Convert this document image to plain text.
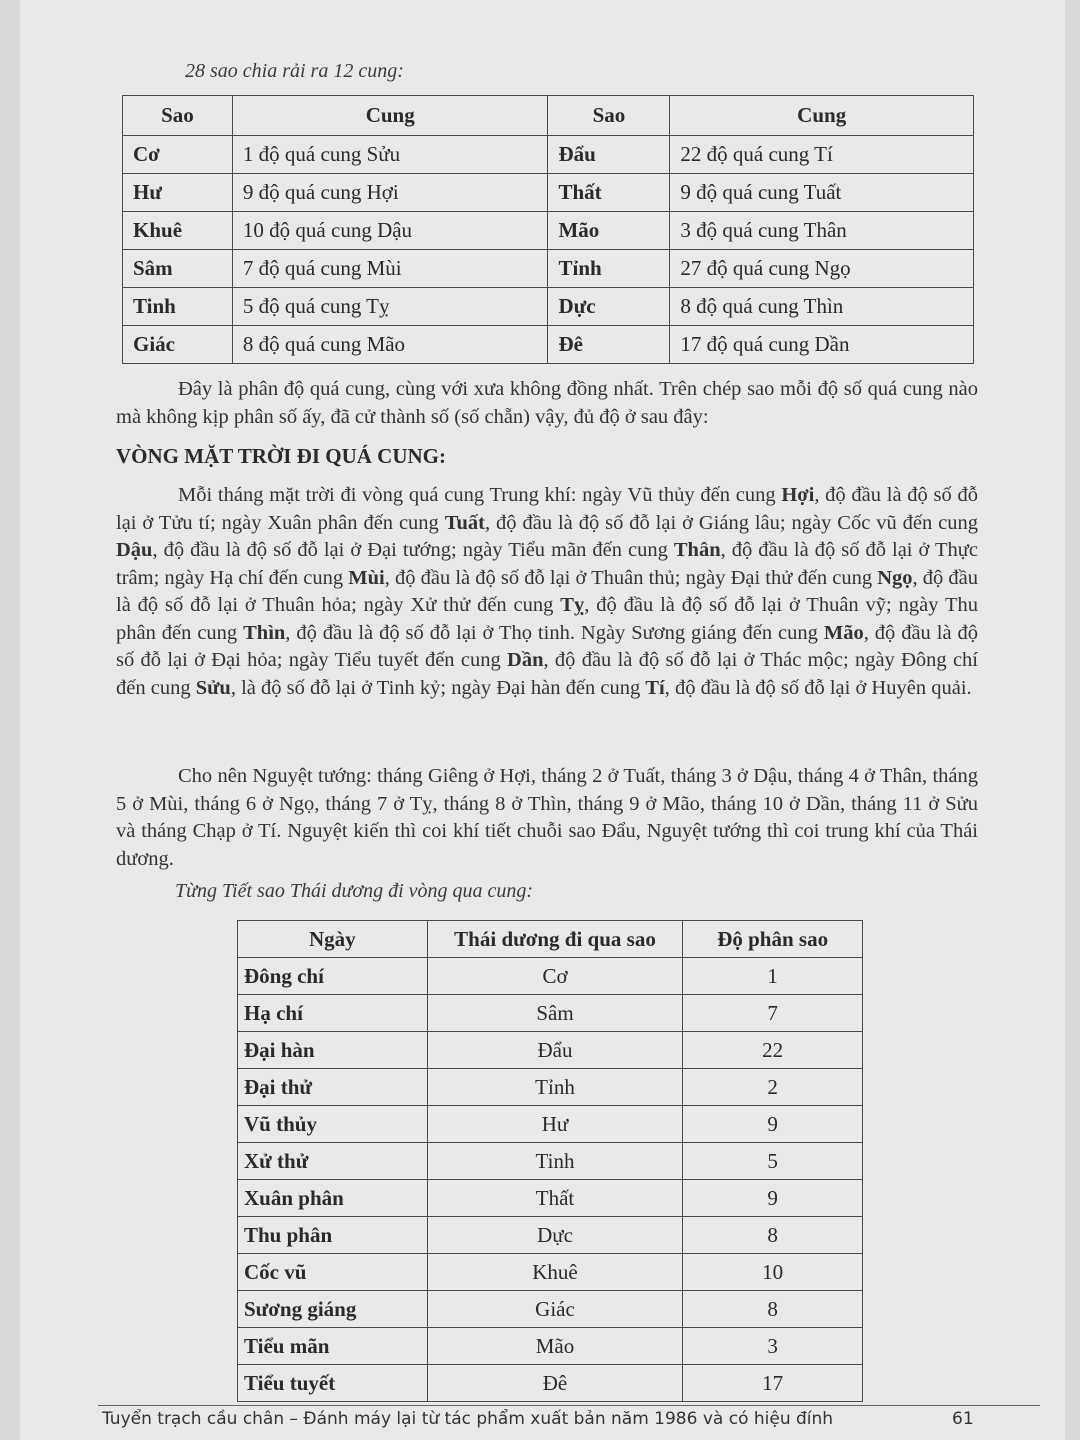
28 sao chia rải ra 12 cung:
Sao	Cung	Sao	Cung
Cơ	1 độ quá cung Sửu	Đẩu	22 độ quá cung Tí
Hư	9 độ quá cung Hợi	Thất	9 độ quá cung Tuất
Khuê	10 độ quá cung Dậu	Mão	3 độ quá cung Thân
Sâm	7 độ quá cung Mùi	Tỉnh	27 độ quá cung Ngọ
Tinh	5 độ quá cung Tỵ	Dực	8 độ quá cung Thìn
Giác	8 độ quá cung Mão	Đê	17 độ quá cung Dần
Đây là phân độ quá cung, cùng với xưa không đồng nhất. Trên chép sao mỗi độ số quá cung nào mà không kịp phân số ấy, đã cử thành số (số chẵn) vậy, đủ độ ở sau đây:
VÒNG MẶT TRỜI ĐI QUÁ CUNG:
Mỗi tháng mặt trời đi vòng quá cung Trung khí: ngày Vũ thủy đến cung Hợi, độ đầu là độ số đỗ lại ở Tửu tí; ngày Xuân phân đến cung Tuất, độ đầu là độ số đỗ lại ở Giáng lâu; ngày Cốc vũ đến cung Dậu, độ đầu là độ số đỗ lại ở Đại tướng; ngày Tiểu mãn đến cung Thân, độ đầu là độ số đỗ lại ở Thực trâm; ngày Hạ chí đến cung Mùi, độ đầu là độ số đỗ lại ở Thuân thủ; ngày Đại thử đến cung Ngọ, độ đầu là độ số đỗ lại ở Thuân hỏa; ngày Xử thử đến cung Tỵ, độ đầu là độ số đỗ lại ở Thuân vỹ; ngày Thu phân đến cung Thìn, độ đầu là độ số đỗ lại ở Thọ tinh. Ngày Sương giáng đến cung Mão, độ đầu là độ số đỗ lại ở Đại hỏa; ngày Tiểu tuyết đến cung Dần, độ đầu là độ số đỗ lại ở Thác mộc; ngày Đông chí đến cung Sửu, là độ số đỗ lại ở Tinh kỷ; ngày Đại hàn đến cung Tí, độ đầu là độ số đỗ lại ở Huyên quải.
Cho nên Nguyệt tướng: tháng Giêng ở Hợi, tháng 2 ở Tuất, tháng 3 ở Dậu, tháng 4 ở Thân, tháng 5 ở Mùi, tháng 6 ở Ngọ, tháng 7 ở Tỵ, tháng 8 ở Thìn, tháng 9 ở Mão, tháng 10 ở Dần, tháng 11 ở Sửu và tháng Chạp ở Tí. Nguyệt kiến thì coi khí tiết chuỗi sao Đẩu, Nguyệt tướng thì coi trung khí của Thái dương.
Từng Tiết sao Thái dương đi vòng qua cung:
Ngày	Thái dương đi qua sao	Độ phân sao
Đông chí	Cơ	1
Hạ chí	Sâm	7
Đại hàn	Đẩu	22
Đại thử	Tỉnh	2
Vũ thủy	Hư	9
Xử thử	Tinh	5
Xuân phân	Thất	9
Thu phân	Dực	8
Cốc vũ	Khuê	10
Sương giáng	Giác	8
Tiểu mãn	Mão	3
Tiểu tuyết	Đê	17
Tuyển trạch cầu chân – Đánh máy lại từ tác phẩm xuất bản năm 1986 và có hiệu đính	61
